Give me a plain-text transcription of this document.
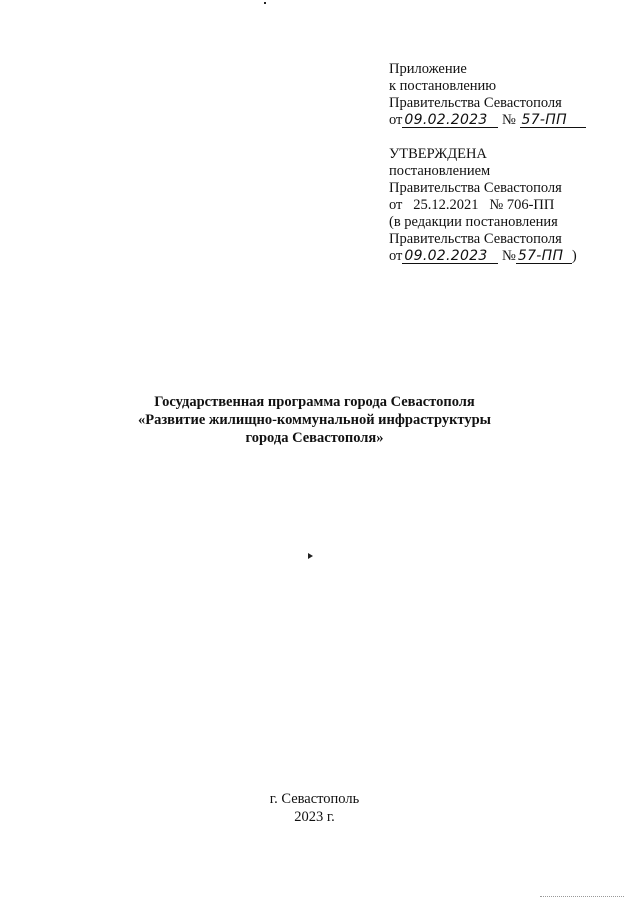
Приложение
к постановлению
Правительства Севастополя
от 09.02.2023 № 57-ПП
УТВЕРЖДЕНА
постановлением
Правительства Севастополя
от   25.12.2021   № 706-ПП
(в редакции постановления
Правительства Севастополя
от 09.02.2023 № 57-ПП )
Государственная программа города Севастополя
«Развитие жилищно-коммунальной инфраструктуры
города Севастополя»
г. Севастополь
2023 г.
